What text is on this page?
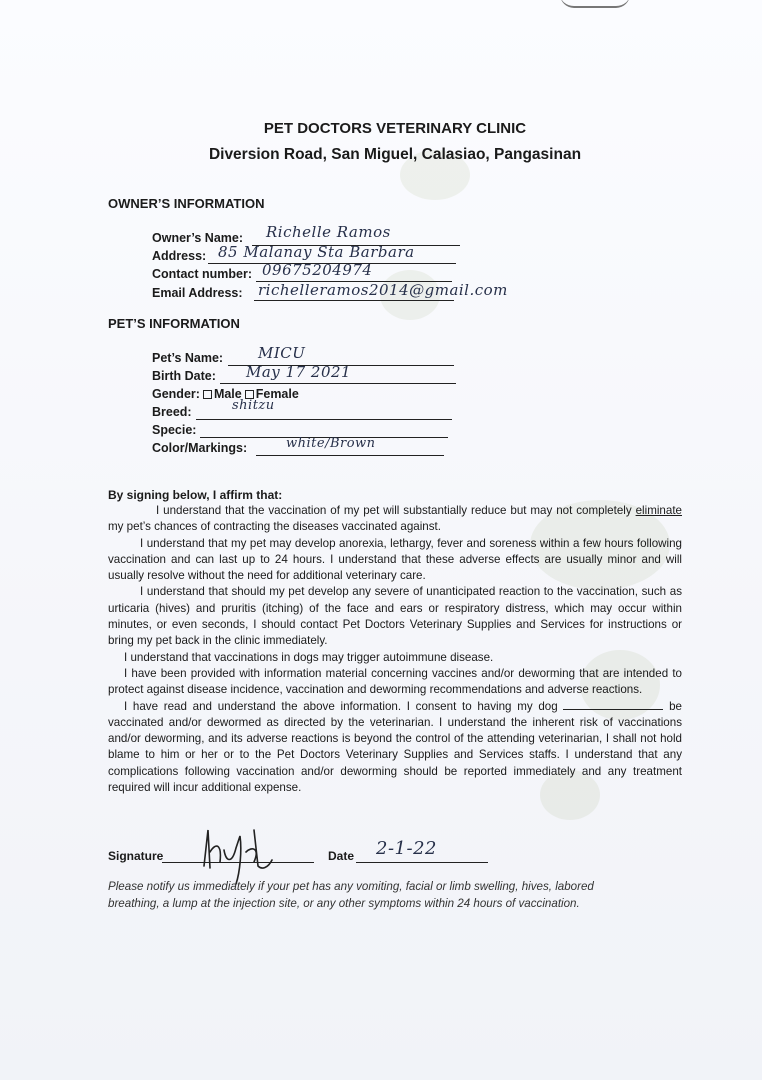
PET DOCTORS VETERINARY CLINIC
Diversion Road, San Miguel, Calasiao, Pangasinan
OWNER’S INFORMATION
Owner’s Name: Richelle Ramos
Address: 85 Malanay Sta Barbara
Contact number: 09675204974
Email Address: richelleramos2014@gmail.com
PET’S INFORMATION
Pet’s Name: MICU
Birth Date: May 17 2021
Gender: Male Female
Breed:	shitzu
Specie:
Color/Markings:	white/Brown
By signing below, I affirm that:

I understand that the vaccination of my pet will substantially reduce but may not completely eliminate my pet’s chances of contracting the diseases vaccinated against.

I understand that my pet may develop anorexia, lethargy, fever and soreness within a few hours following vaccination and can last up to 24 hours. I understand that these adverse effects are usually minor and will usually resolve without the need for additional veterinary care.

I understand that should my pet develop any severe of unanticipated reaction to the vaccination, such as urticaria (hives) and pruritis (itching) of the face and ears or respiratory distress, which may occur within minutes, or even seconds, I should contact Pet Doctors Veterinary Supplies and Services for instructions or bring my pet back in the clinic immediately.

I understand that vaccinations in dogs may trigger autoimmune disease.

I have been provided with information material concerning vaccines and/or deworming that are intended to protect against disease incidence, vaccination and deworming recommendations and adverse reactions.

I have read and understand the above information. I consent to having my dog	be vaccinated and/or dewormed as directed by the veterinarian. I understand the inherent risk of vaccinations and/or deworming, and its adverse reactions is beyond the control of the attending veterinarian, I shall not hold blame to him or her or to the Pet Doctors Veterinary Supplies and Services staffs. I understand that any complications following vaccination and/or deworming should be reported immediately and any treatment required will incur additional expense.

Signature	Date 2-1-22
Please notify us immediately if your pet has any vomiting, facial or limb swelling, hives, labored breathing, a lump at the injection site, or any other symptoms within 24 hours of vaccination.
